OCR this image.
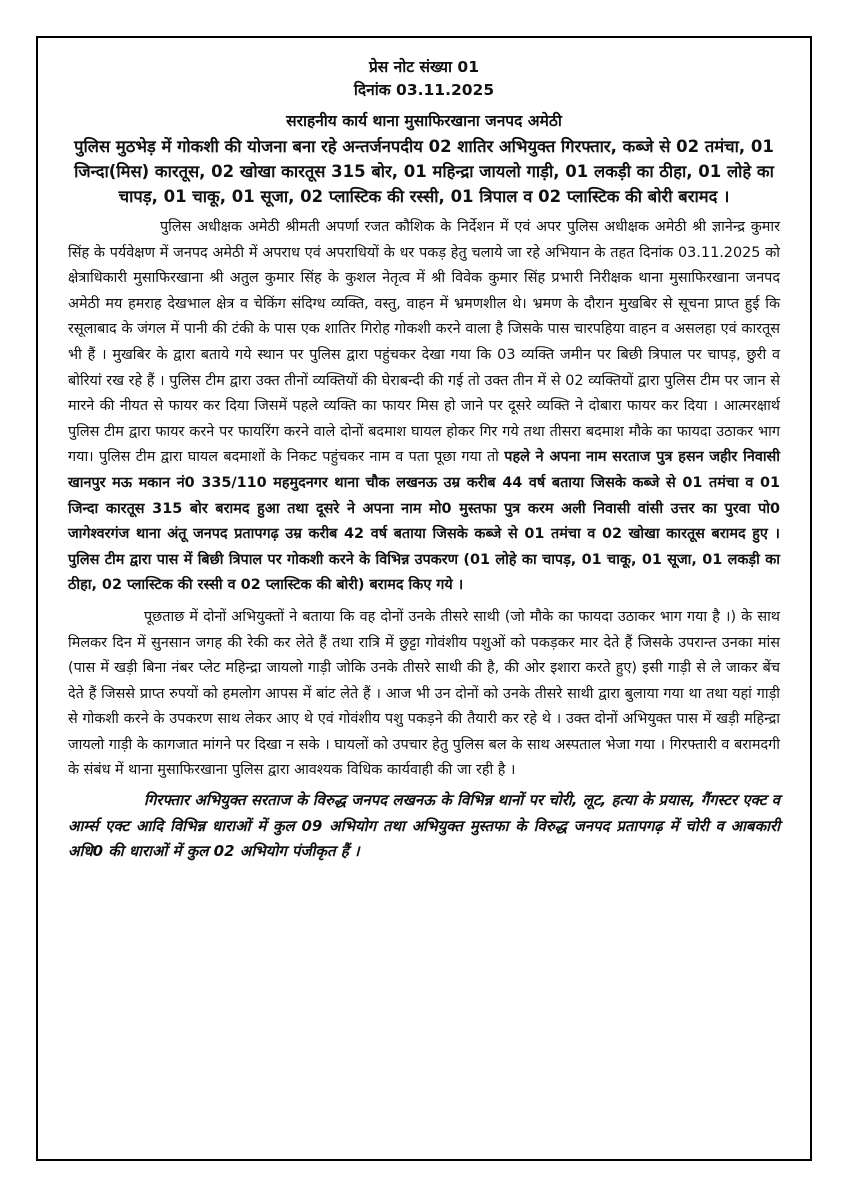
प्रेस नोट संख्या 01
दिनांक 03.11.2025
सराहनीय कार्य थाना मुसाफिरखाना जनपद अमेठी
पुलिस मुठभेड़ में गोकशी की योजना बना रहे अन्तर्जनपदीय 02 शातिर अभियुक्त गिरफ्तार, कब्जे से 02 तमंचा, 01 जिन्दा(मिस) कारतूस, 02 खोखा कारतूस 315 बोर, 01 महिन्द्रा जायलो गाड़ी, 01 लकड़ी का ठीहा, 01 लोहे का चापड़, 01 चाकू, 01 सूजा, 02 प्लास्टिक की रस्सी, 01 त्रिपाल व 02 प्लास्टिक की बोरी बरामद ।

पुलिस अधीक्षक अमेठी श्रीमती अपर्णा रजत कौशिक के निर्देशन में एवं अपर पुलिस अधीक्षक अमेठी श्री ज्ञानेन्द्र कुमार सिंह के पर्यवेक्षण में जनपद अमेठी में अपराध एवं अपराधियों के धर पकड़ हेतु चलाये जा रहे अभियान के तहत दिनांक 03.11.2025 को क्षेत्राधिकारी मुसाफिरखाना श्री अतुल कुमार सिंह के कुशल नेतृत्व में श्री विवेक कुमार सिंह प्रभारी निरीक्षक थाना मुसाफिरखाना जनपद अमेठी मय हमराह देखभाल क्षेत्र व चेकिंग संदिग्ध व्यक्ति, वस्तु, वाहन में भ्रमणशील थे। भ्रमण के दौरान मुखबिर से सूचना प्राप्त हुई कि रसूलाबाद के जंगल में पानी की टंकी के पास एक शातिर गिरोह गोकशी करने वाला है जिसके पास चारपहिया वाहन व असलहा एवं कारतूस भी हैं । मुखबिर के द्वारा बताये गये स्थान पर पुलिस द्वारा पहुंचकर देखा गया कि 03 व्यक्ति जमीन पर बिछी त्रिपाल पर चापड़, छुरी व बोरियां रख रहे हैं । पुलिस टीम द्वारा उक्त तीनों व्यक्तियों की घेराबन्दी की गई तो उक्त तीन में से 02 व्यक्तियों द्वारा पुलिस टीम पर जान से मारने की नीयत से फायर कर दिया जिसमें पहले व्यक्ति का फायर मिस हो जाने पर दूसरे व्यक्ति ने दोबारा फायर कर दिया । आत्मरक्षार्थ पुलिस टीम द्वारा फायर करने पर फायरिंग करने वाले दोनों बदमाश घायल होकर गिर गये तथा तीसरा बदमाश मौके का फायदा उठाकर भाग गया। पुलिस टीम द्वारा घायल बदमाशों के निकट पहुंचकर नाम व पता पूछा गया तो पहले ने अपना नाम सरताज पुत्र हसन जहीर निवासी खानपुर मऊ मकान नं0 335/110 महमुदनगर थाना चौक लखनऊ उम्र करीब 44 वर्ष बताया जिसके कब्जे से 01 तमंचा व 01 जिन्दा कारतूस 315 बोर बरामद हुआ तथा दूसरे ने अपना नाम मो0 मुस्तफा पुत्र करम अली निवासी वांसी उत्तर का पुरवा पो0 जागेश्वरगंज थाना अंतू जनपद प्रतापगढ़ उम्र करीब 42 वर्ष बताया जिसके कब्जे से 01 तमंचा व 02 खोखा कारतूस बरामद हुए । पुलिस टीम द्वारा पास में बिछी त्रिपाल पर गोकशी करने के विभिन्न उपकरण (01 लोहे का चापड़, 01 चाकू, 01 सूजा, 01 लकड़ी का ठीहा, 02 प्लास्टिक की रस्सी व 02 प्लास्टिक की बोरी) बरामद किए गये ।

पूछताछ में दोनों अभियुक्तों ने बताया कि वह दोनों उनके तीसरे साथी (जो मौके का फायदा उठाकर भाग गया है ।) के साथ मिलकर दिन में सुनसान जगह की रेकी कर लेते हैं तथा रात्रि में छुट्टा गोवंशीय पशुओं को पकड़कर मार देते हैं जिसके उपरान्त उनका मांस (पास में खड़ी बिना नंबर प्लेट महिन्द्रा जायलो गाड़ी जोकि उनके तीसरे साथी की है, की ओर इशारा करते हुए) इसी गाड़ी से ले जाकर बेंच देते हैं जिससे प्राप्त रुपयों को हमलोग आपस में बांट लेते हैं । आज भी उन दोनों को उनके तीसरे साथी द्वारा बुलाया गया था तथा यहां गाड़ी से गोकशी करने के उपकरण साथ लेकर आए थे एवं गोवंशीय पशु पकड़ने की तैयारी कर रहे थे । उक्त दोनों अभियुक्त पास में खड़ी महिन्द्रा जायलो गाड़ी के कागजात मांगने पर दिखा न सके । घायलों को उपचार हेतु पुलिस बल के साथ अस्पताल भेजा गया । गिरफ्तारी व बरामदगी के संबंध में थाना मुसाफिरखाना पुलिस द्वारा आवश्यक विधिक कार्यवाही की जा रही है ।

गिरफ्तार अभियुक्त सरताज के विरुद्ध जनपद लखनऊ के विभिन्न थानों पर चोरी, लूट, हत्या के प्रयास, गैंगस्टर एक्ट व आर्म्स एक्ट आदि विभिन्न धाराओं में कुल 09 अभियोग तथा अभियुक्त मुस्तफा के विरुद्ध जनपद प्रतापगढ़ में चोरी व आबकारी अधि0 की धाराओं में कुल 02 अभियोग पंजीकृत हैं ।
